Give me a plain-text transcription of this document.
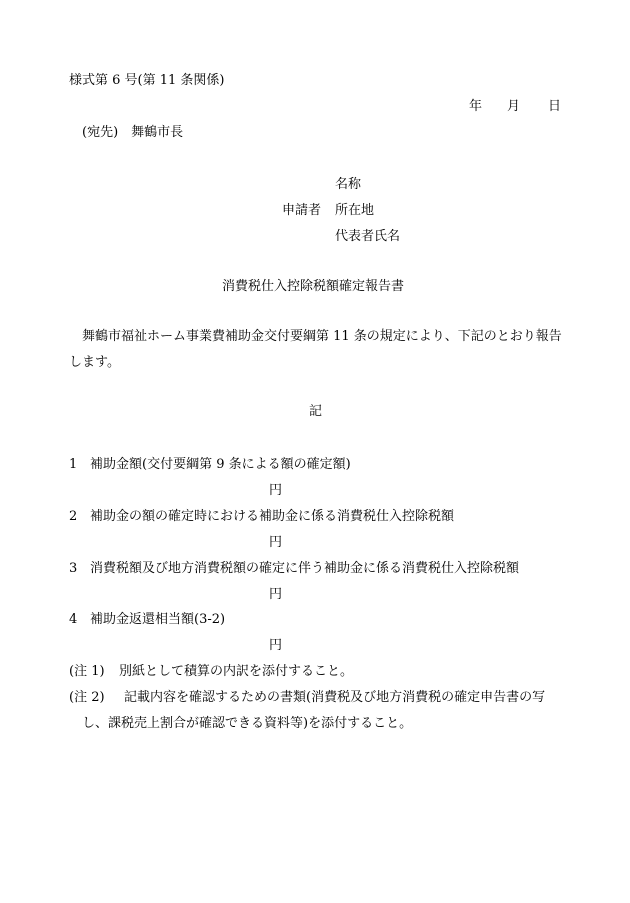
様式第 6 号(第 11 条関係)
年 月 日
(宛先)　舞鶴市長
名称
申請者 所在地
代表者氏名
消費税仕入控除税額確定報告書
舞鶴市福祉ホーム事業費補助金交付要綱第 11 条の規定により、下記のとおり報告
します。
記
1 補助金額(交付要綱第 9 条による額の確定額)
円
2 補助金の額の確定時における補助金に係る消費税仕入控除税額
円
3 消費税額及び地方消費税額の確定に伴う補助金に係る消費税仕入控除税額
円
4 補助金返還相当額(3-2)
円
(注 1) 別紙として積算の内訳を添付すること。
(注 2) 記載内容を確認するための書類(消費税及び地方消費税の確定申告書の写
し、課税売上割合が確認できる資料等)を添付すること。
